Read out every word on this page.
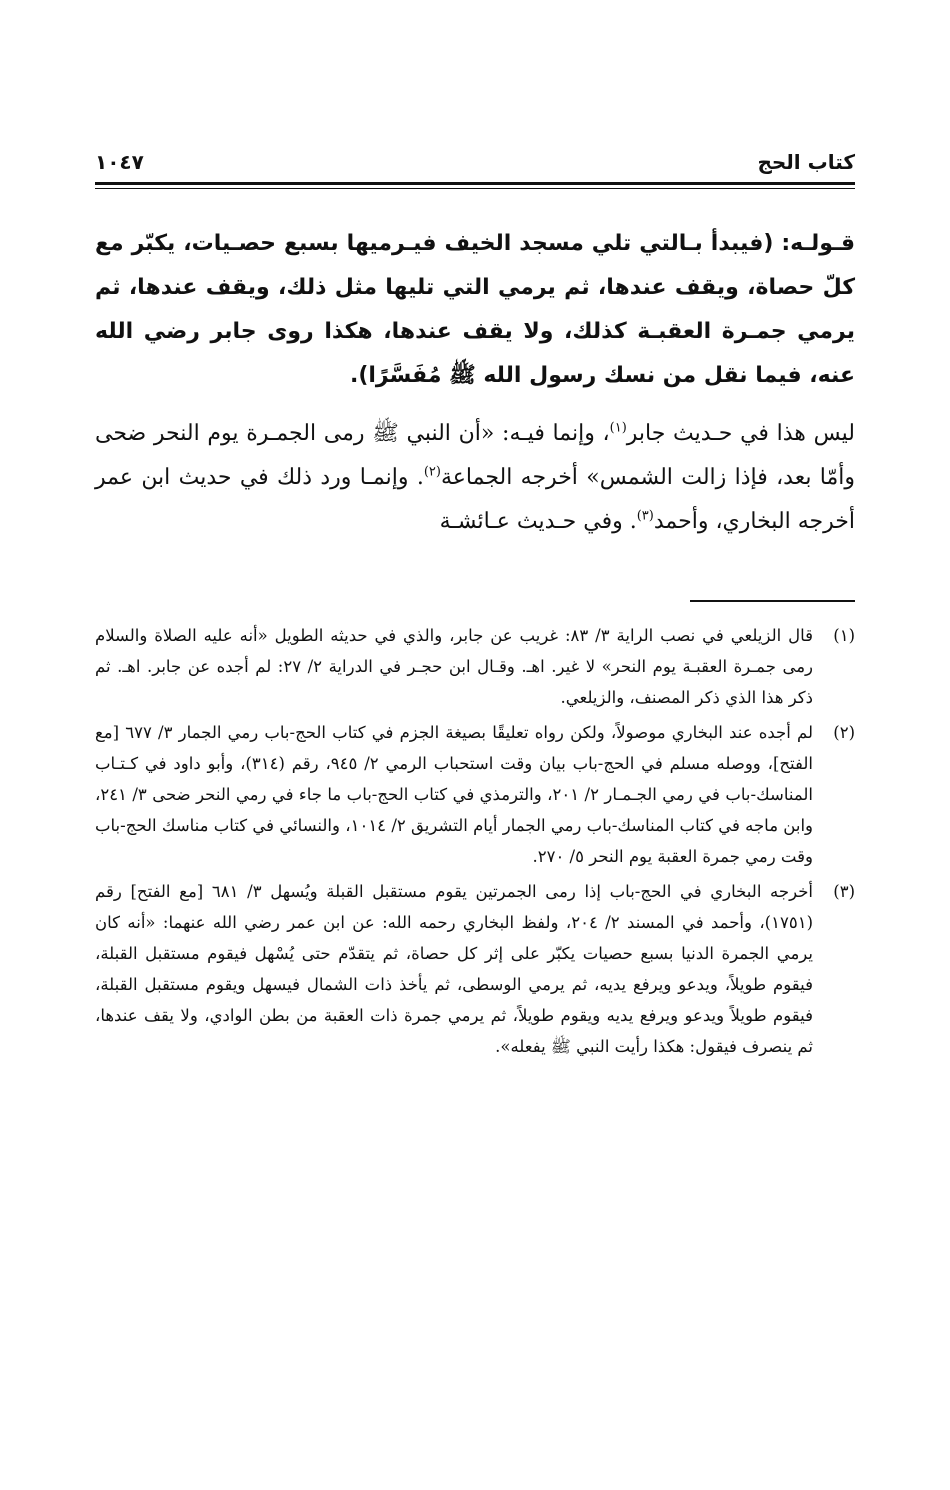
كتاب الحج
١٠٤٧

قـولـه: (فيبدأ بـالتي تلي مسجد الخيف فيـرميها بسبع حصـيات، يكبّر مع كلّ حصاة، ويقف عندها، ثم يرمي التي تليها مثل ذلك، ويقف عندها، ثم يرمي جمـرة العقبـة كذلك، ولا يقف عندها، هكذا روى جابر رضي الله عنه، فيما نقل من نسك رسول الله ﷺ مُفَسَّرًا).

ليس هذا في حـديث جابر$^{(١)}$، وإنما فيـه: «أن النبي ﷺ رمى الجمـرة يوم النحر ضحى وأمّا بعد، فإذا زالت الشمس» أخرجه الجماعة$^{(٢)}$. وإنمـا ورد ذلك في حديث ابن عمر أخرجه البخاري، وأحمد$^{(٣)}$. وفي حـديث عـائشـة

(١)
قال الزيلعي في نصب الراية ٣/ ٨٣: غريب عن جابر، والذي في حديثه الطويل «أنه عليه الصلاة والسلام رمى جمـرة العقبـة يوم النحر» لا غير. اهـ. وقـال ابن حجـر في الدراية ٢/ ٢٧: لم أجده عن جابر. اهـ. ثم ذكر هذا الذي ذكر المصنف، والزيلعي.
(٢)
لم أجده عند البخاري موصولاً، ولكن رواه تعليقًا بصيغة الجزم في كتاب الحج-باب رمي الجمار ٣/ ٦٧٧ [مع الفتح]، ووصله مسلم في الحج-باب بيان وقت استحباب الرمي ٢/ ٩٤٥، رقم (٣١٤)، وأبو داود في كـتـاب المناسك-باب في رمي الجـمـار ٢/ ٢٠١، والترمذي في كتاب الحج-باب ما جاء في رمي النحر ضحى ٣/ ٢٤١، وابن ماجه في كتاب المناسك-باب رمي الجمار أيام التشريق ٢/ ١٠١٤، والنسائي في كتاب مناسك الحج-باب وقت رمي جمرة العقبة يوم النحر ٥/ ٢٧٠.
(٣)
أخرجه البخاري في الحج-باب إذا رمى الجمرتين يقوم مستقبل القبلة ويُسهل ٣/ ٦٨١ [مع الفتح] رقم (١٧٥١)، وأحمد في المسند ٢/ ٢٠٤، ولفظ البخاري رحمه الله: عن ابن عمر رضي الله عنهما: «أنه كان يرمي الجمرة الدنيا بسبع حصيات يكبّر على إثر كل حصاة، ثم يتقدّم حتى يُسْهل فيقوم مستقبل القبلة، فيقوم طويلاً، ويدعو ويرفع يديه، ثم يرمي الوسطى، ثم يأخذ ذات الشمال فيسهل ويقوم مستقبل القبلة، فيقوم طويلاً ويدعو ويرفع يديه ويقوم طويلاً، ثم يرمي جمرة ذات العقبة من بطن الوادي، ولا يقف عندها، ثم ينصرف فيقول: هكذا رأيت النبي ﷺ يفعله».
